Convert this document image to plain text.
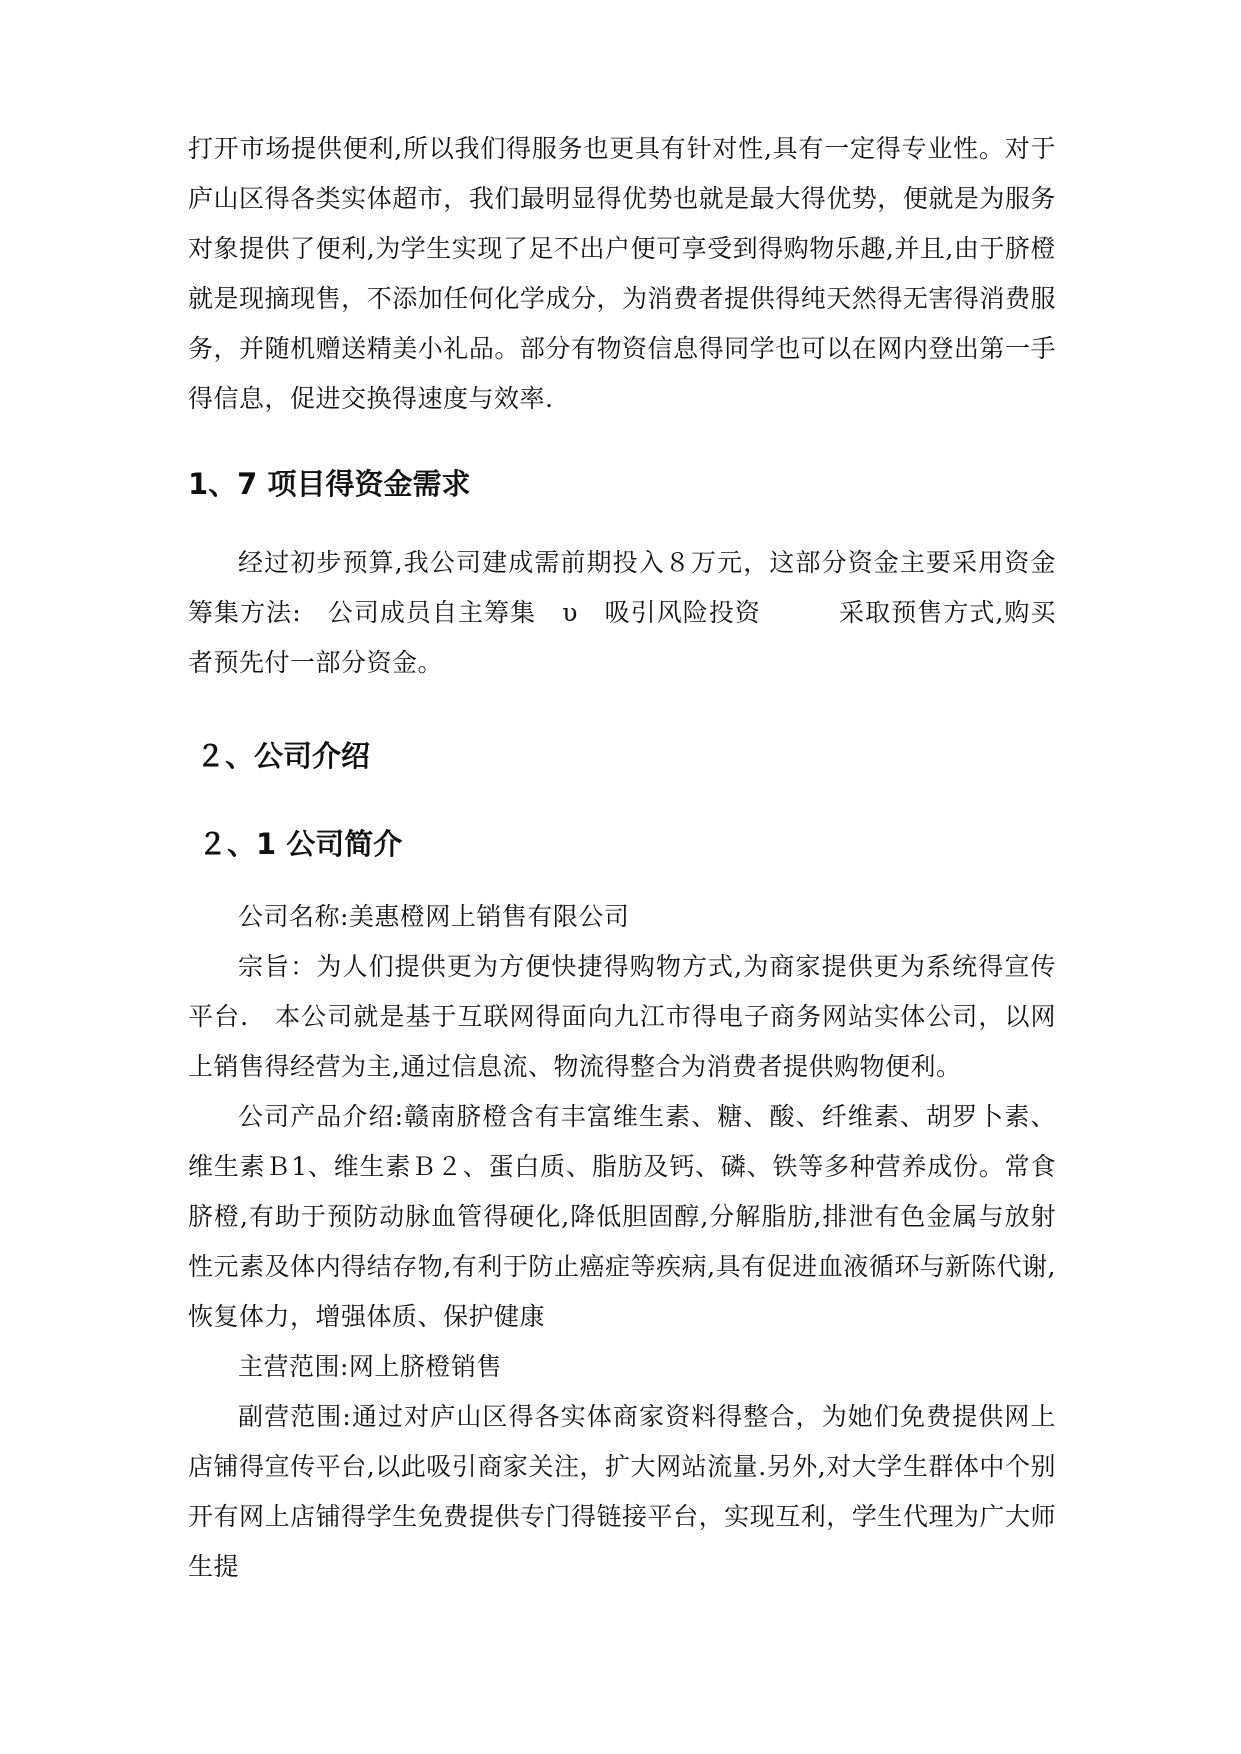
打开市场提供便利,所以我们得服务也更具有针对性,具有一定得专业性。对于庐山区得各类实体超市，我们最明显得优势也就是最大得优势，便就是为服务对象提供了便利,为学生实现了足不出户便可享受到得购物乐趣,并且,由于脐橙就是现摘现售，不添加任何化学成分，为消费者提供得纯天然得无害得消费服务，并随机赠送精美小礼品。部分有物资信息得同学也可以在网内登出第一手得信息，促进交换得速度与效率.

1、7 项目得资金需求

经过初步预算,我公司建成需前期投入８万元，这部分资金主要采用资金筹集方法:　公司成员自主筹集　υ　吸引风险投资　　　采取预售方式,购买者预先付一部分资金。

２、公司介绍
２、1 公司简介

公司名称:美惠橙网上销售有限公司

宗旨：为人们提供更为方便快捷得购物方式,为商家提供更为系统得宣传平台.　本公司就是基于互联网得面向九江市得电子商务网站实体公司，以网上销售得经营为主,通过信息流、物流得整合为消费者提供购物便利。

公司产品介绍:赣南脐橙含有丰富维生素、糖、酸、纤维素、胡罗卜素、维生素Ｂ1、维生素Ｂ２、蛋白质、脂肪及钙、磷、铁等多种营养成份。常食脐橙,有助于预防动脉血管得硬化,降低胆固醇,分解脂肪,排泄有色金属与放射性元素及体内得结存物,有利于防止癌症等疾病,具有促进血液循环与新陈代谢,恢复体力，增强体质、保护健康

主营范围:网上脐橙销售

副营范围:通过对庐山区得各实体商家资料得整合，为她们免费提供网上店铺得宣传平台,以此吸引商家关注，扩大网站流量.另外,对大学生群体中个别开有网上店铺得学生免费提供专门得链接平台，实现互利，学生代理为广大师生提
